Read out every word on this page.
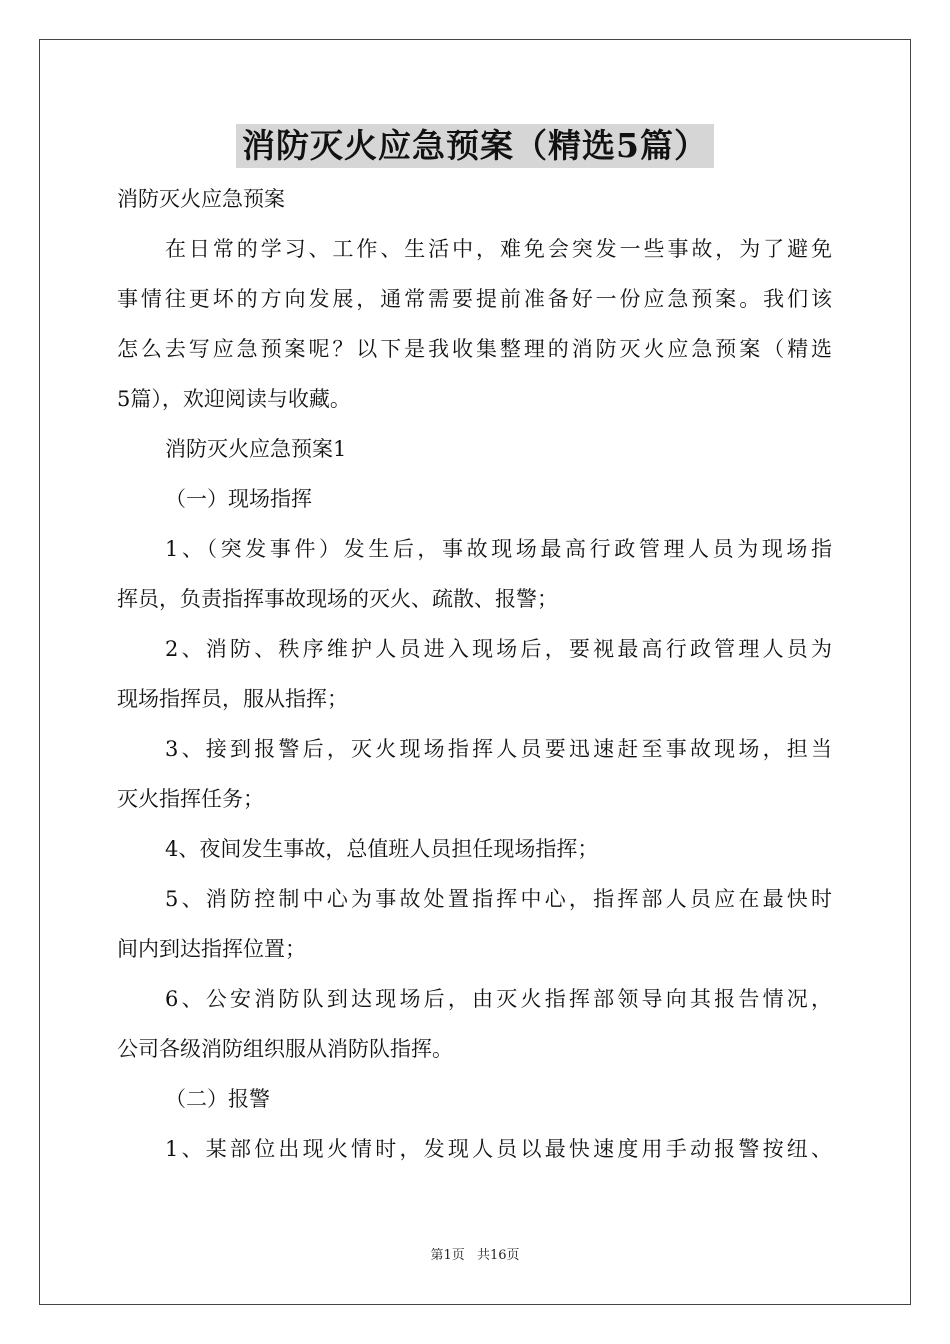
消防灭火应急预案（精选5篇）
消防灭火应急预案
在日常的学习、工作、生活中，难免会突发一些事故，为了避免
事情往更坏的方向发展，通常需要提前准备好一份应急预案。我们该
怎么去写应急预案呢？以下是我收集整理的消防灭火应急预案（精选
5篇），欢迎阅读与收藏。
消防灭火应急预案1
（一）现场指挥
1、（突发事件）发生后，事故现场最高行政管理人员为现场指
挥员，负责指挥事故现场的灭火、疏散、报警；
2、消防、秩序维护人员进入现场后，要视最高行政管理人员为
现场指挥员，服从指挥；
3、接到报警后，灭火现场指挥人员要迅速赶至事故现场，担当
灭火指挥任务；
4、夜间发生事故，总值班人员担任现场指挥；
5、消防控制中心为事故处置指挥中心，指挥部人员应在最快时
间内到达指挥位置；
6、公安消防队到达现场后，由灭火指挥部领导向其报告情况，
公司各级消防组织服从消防队指挥。
（二）报警
1、某部位出现火情时，发现人员以最快速度用手动报警按纽、
第1页 共16页
